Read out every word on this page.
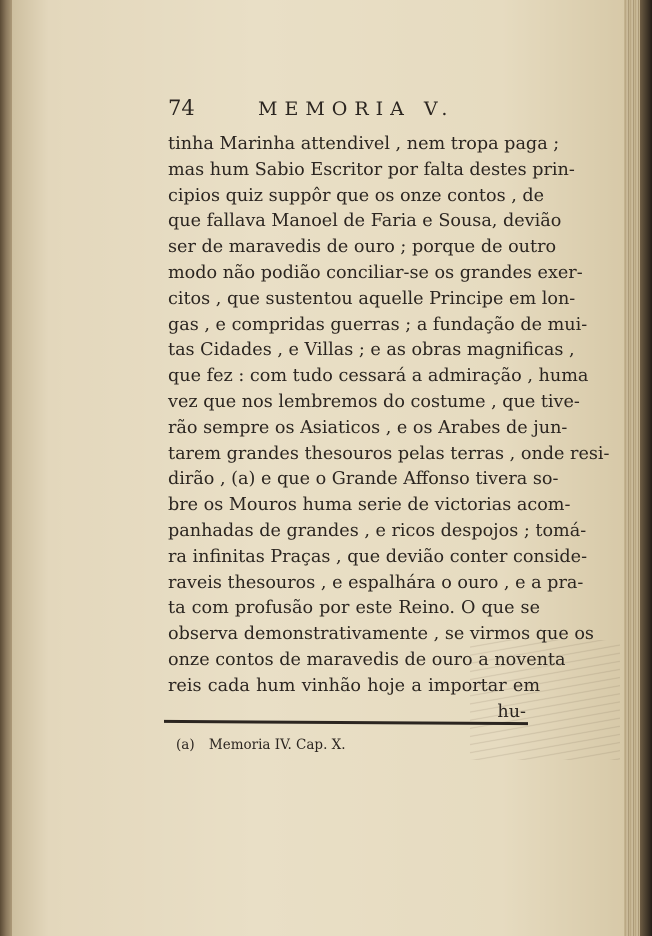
74	MEMORIA V.
tinha Marinha attendivel , nem tropa paga ;
mas hum Sabio Escritor por falta destes prin-
cipios quiz suppôr que os onze contos , de
que fallava Manoel de Faria e Sousa, devião
ser de maravedis de ouro ; porque de outro
modo não podião conciliar-se os grandes exer-
citos , que sustentou aquelle Principe em lon-
gas , e compridas guerras ; a fundação de mui-
tas Cidades , e Villas ; e as obras magnificas ,
que fez : com tudo cessará a admiração , huma
vez que nos lembremos do costume , que tive-
rão sempre os Asiaticos , e os Arabes de jun-
tarem grandes thesouros pelas terras , onde resi-
dirão , (a) e que o Grande Affonso tivera so-
bre os Mouros huma serie de victorias acom-
panhadas de grandes , e ricos despojos ; tomá-
ra infinitas Praças , que devião conter conside-
raveis thesouros , e espalhára o ouro , e a pra-
ta com profusão por este Reino. O que se
observa demonstrativamente , se virmos que os
onze contos de maravedis de ouro a noventa
reis cada hum vinhão hoje a importar em
hu-
(a) Memoria IV. Cap. X.
